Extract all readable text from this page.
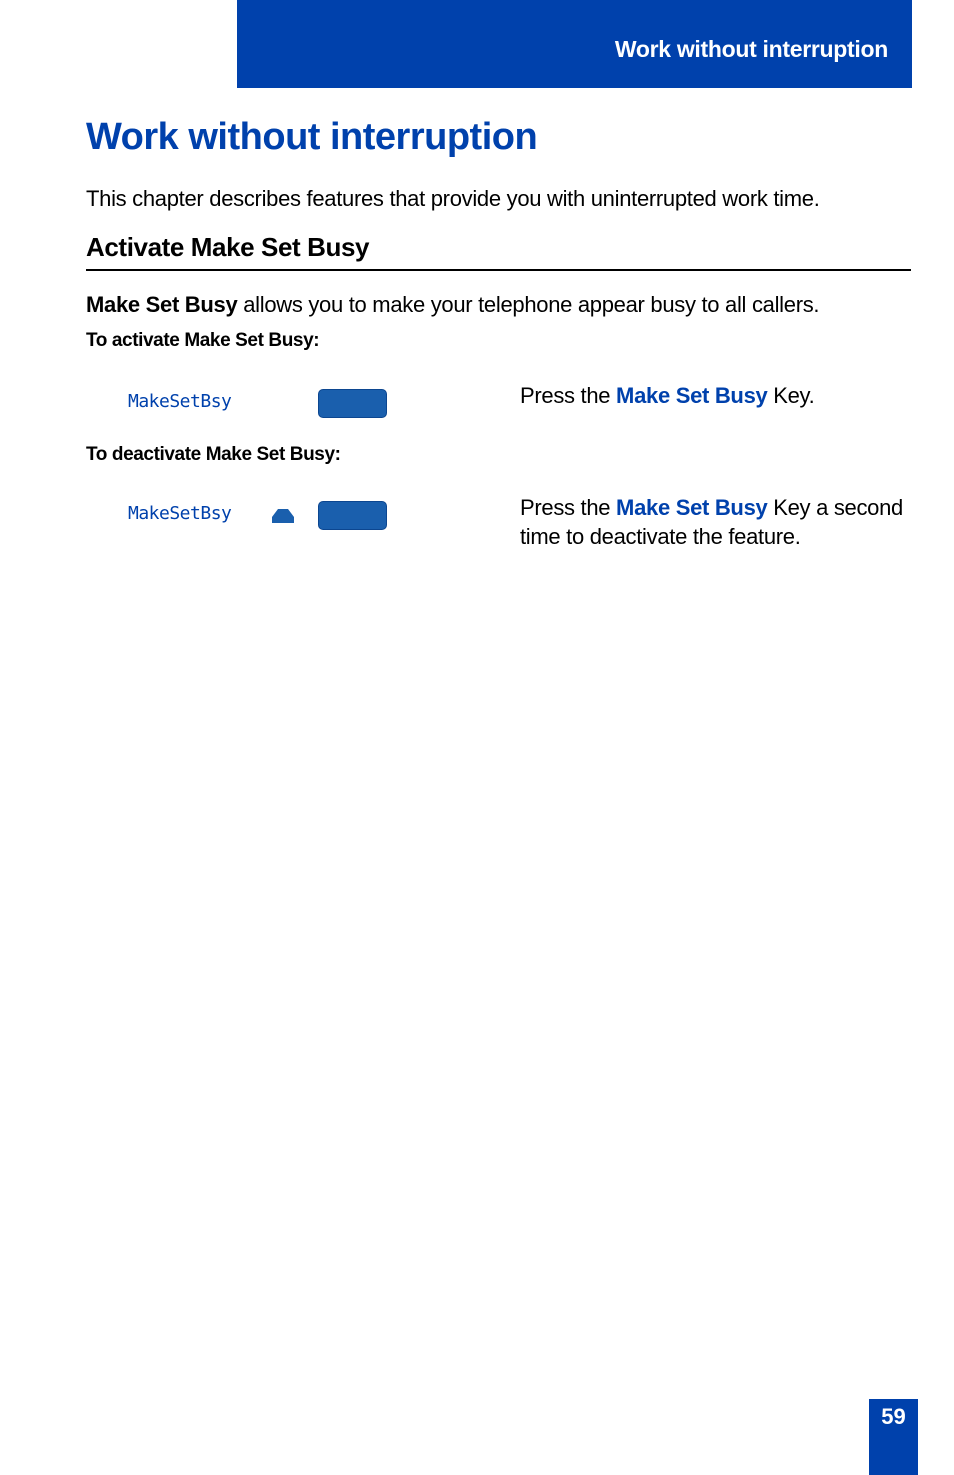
Work without interruption
Work without interruption

This chapter describes features that provide you with uninterrupted work time.

Activate Make Set Busy

Make Set Busy allows you to make your telephone appear busy to all callers.

To activate Make Set Busy:

MakeSetBsy	Press the Make Set Busy Key.

To deactivate Make Set Busy:

MakeSetBsy	Press the Make Set Busy Key a second time to deactivate the feature.

59
